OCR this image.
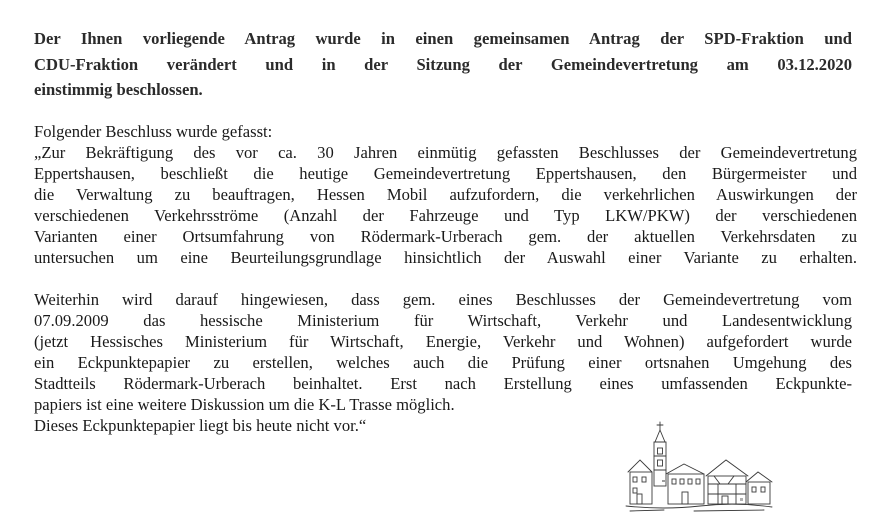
Der Ihnen vorliegende Antrag wurde in einen gemeinsamen Antrag der SPD-Fraktion und
CDU-Fraktion verändert und in der Sitzung der Gemeindevertretung am 03.12.2020
einstimmig beschlossen.
Folgender Beschluss wurde gefasst:
„Zur Bekräftigung des vor ca. 30 Jahren einmütig gefassten Beschlusses der Gemeindevertretung
Eppertshausen, beschließt die heutige Gemeindevertretung Eppertshausen, den Bürgermeister und
die Verwaltung zu beauftragen, Hessen Mobil aufzufordern, die verkehrlichen Auswirkungen der
verschiedenen Verkehrsströme (Anzahl der Fahrzeuge und Typ LKW/PKW) der verschiedenen
Varianten einer Ortsumfahrung von Rödermark-Urberach gem. der aktuellen Verkehrsdaten zu
untersuchen um eine Beurteilungsgrundlage hinsichtlich der Auswahl einer Variante zu erhalten.
Weiterhin wird darauf hingewiesen, dass gem. eines Beschlusses der Gemeindevertretung vom
07.09.2009 das hessische Ministerium für Wirtschaft, Verkehr und Landesentwicklung
(jetzt Hessisches Ministerium für Wirtschaft, Energie, Verkehr und Wohnen) aufgefordert wurde
ein Eckpunktepapier zu erstellen, welches auch die Prüfung einer ortsnahen Umgehung des
Stadtteils Rödermark-Urberach beinhaltet. Erst nach Erstellung eines umfassenden Eckpunkte-
papiers ist eine weitere Diskussion um die K-L Trasse möglich.
Dieses Eckpunktepapier liegt bis heute nicht vor.“
